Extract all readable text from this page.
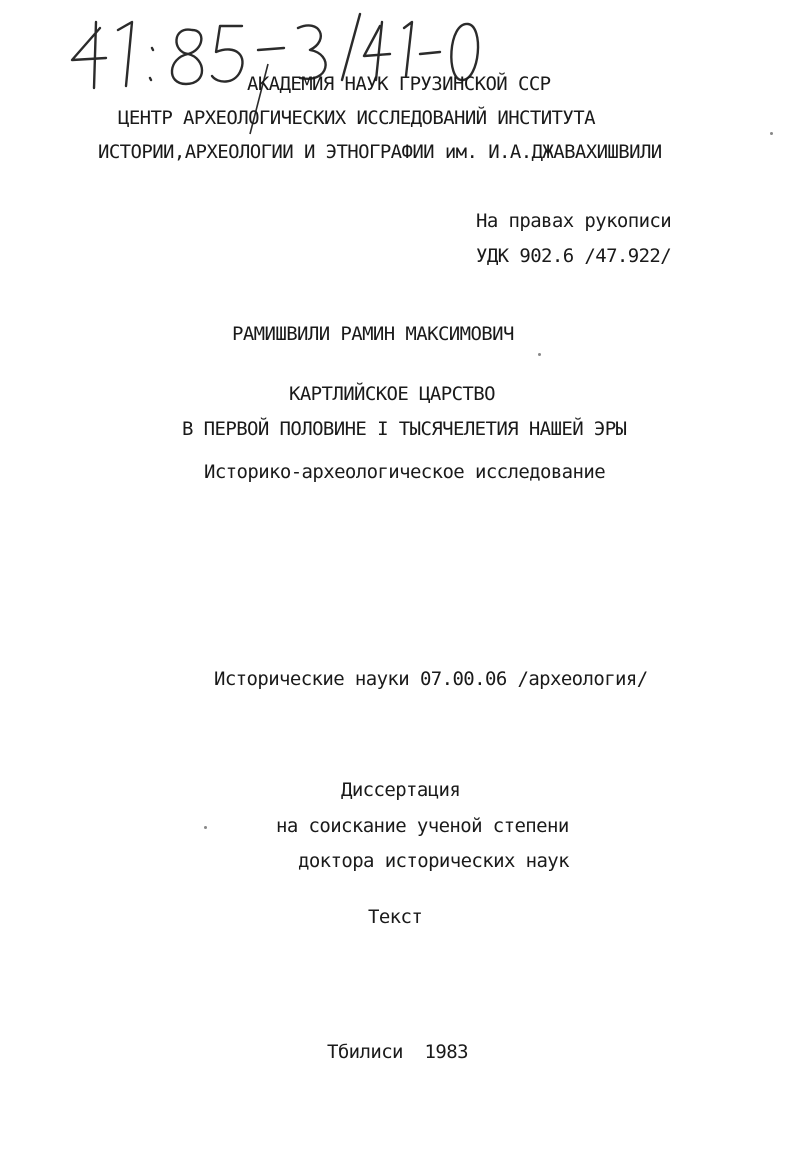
АКАДЕМИЯ НАУК ГРУЗИНСКОЙ ССР
ЦЕНТР АРХЕОЛОГИЧЕСКИХ ИССЛЕДОВАНИЙ ИНСТИТУТА
ИСТОРИИ,АРХЕОЛОГИИ И ЭТНОГРАФИИ им. И.А.ДЖАВАХИШВИЛИ
На правах рукописи
УДК 902.6 /47.922/
РАМИШВИЛИ РАМИН МАКСИМОВИЧ
КАРТЛИЙСКОЕ ЦАРСТВО
В ПЕРВОЙ ПОЛОВИНЕ I ТЫСЯЧЕЛЕТИЯ НАШЕЙ ЭРЫ
Историко-археологическое исследование
Исторические науки 07.00.06 /археология/
Диссертация
на соискание ученой степени
доктора исторических наук
Текст
Тбилиси  1983
